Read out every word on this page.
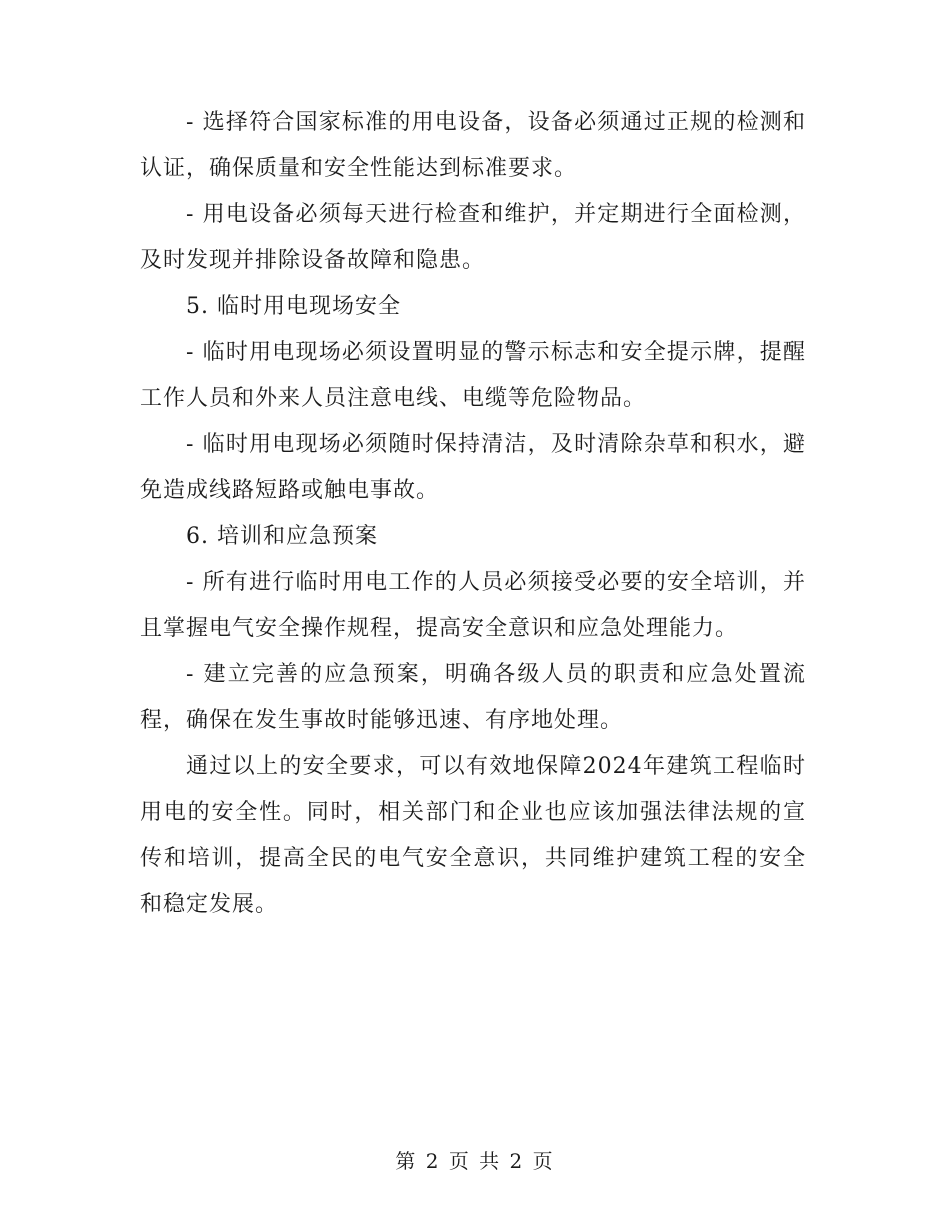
- 选择符合国家标准的用电设备，设备必须通过正规的检测和认证，确保质量和安全性能达到标准要求。

- 用电设备必须每天进行检查和维护，并定期进行全面检测，及时发现并排除设备故障和隐患。

5. 临时用电现场安全

- 临时用电现场必须设置明显的警示标志和安全提示牌，提醒工作人员和外来人员注意电线、电缆等危险物品。

- 临时用电现场必须随时保持清洁，及时清除杂草和积水，避免造成线路短路或触电事故。

6. 培训和应急预案

- 所有进行临时用电工作的人员必须接受必要的安全培训，并且掌握电气安全操作规程，提高安全意识和应急处理能力。

- 建立完善的应急预案，明确各级人员的职责和应急处置流程，确保在发生事故时能够迅速、有序地处理。

通过以上的安全要求，可以有效地保障2024年建筑工程临时用电的安全性。同时，相关部门和企业也应该加强法律法规的宣传和培训，提高全民的电气安全意识，共同维护建筑工程的安全和稳定发展。

第 2 页 共 2 页
